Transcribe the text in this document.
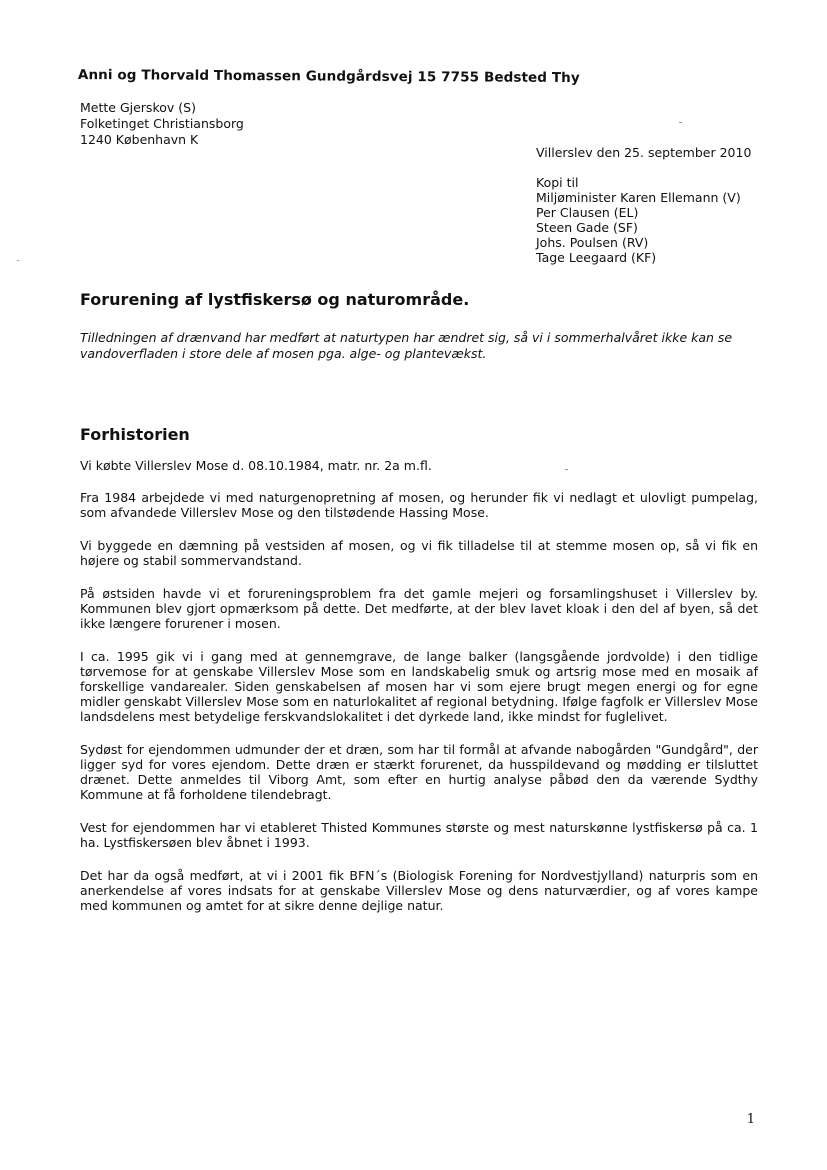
Anni og Thorvald Thomassen Gundgårdsvej 15 7755 Bedsted Thy
Mette Gjerskov (S)
Folketinget Christiansborg
1240 København K
Villerslev den 25. september 2010
Kopi til
Miljøminister Karen Ellemann (V)
Per Clausen (EL)
Steen Gade (SF)
Johs. Poulsen (RV)
Tage Leegaard (KF)
Forurening af lystfiskersø og naturområde.
Tilledningen af drænvand har medført at naturtypen har ændret sig, så vi i sommerhalvåret ikke kan se vandoverfladen i store dele af mosen pga. alge- og plantevækst.
Forhistorien

Vi købte Villerslev Mose d. 08.10.1984, matr. nr. 2a m.fl.

Fra 1984 arbejdede vi med naturgenopretning af mosen, og herunder fik vi nedlagt et ulovligt pumpelag, som afvandede Villerslev Mose og den tilstødende Hassing Mose.

Vi byggede en dæmning på vestsiden af mosen, og vi fik tilladelse til at stemme mosen op, så vi fik en højere og stabil sommervandstand.

På østsiden havde vi et forureningsproblem fra det gamle mejeri og forsamlingshuset i Villerslev by. Kommunen blev gjort opmærksom på dette. Det medførte, at der blev lavet kloak i den del af byen, så det ikke længere forurener i mosen.

I ca. 1995 gik vi i gang med at gennemgrave, de lange balker (langsgående jordvolde) i den tidlige tørvemose for at genskabe Villerslev Mose som en landskabelig smuk og artsrig mose med en mosaik af forskellige vandarealer. Siden genskabelsen af mosen har vi som ejere brugt megen energi og for egne midler genskabt Villerslev Mose som en naturlokalitet af regional betydning. Ifølge fagfolk er Villerslev Mose landsdelens mest betydelige ferskvandslokalitet i det dyrkede land, ikke mindst for fuglelivet.

Sydøst for ejendommen udmunder der et dræn, som har til formål at afvande nabogården "Gundgård", der ligger syd for vores ejendom. Dette dræn er stærkt forurenet, da husspildevand og mødding er tilsluttet drænet. Dette anmeldes til Viborg Amt, som efter en hurtig analyse påbød den da værende Sydthy Kommune at få forholdene tilendebragt.

Vest for ejendommen har vi etableret Thisted Kommunes største og mest naturskønne lystfiskersø på ca. 1 ha. Lystfiskersøen blev åbnet i 1993.

Det har da også medført, at vi i 2001 fik BFN´s (Biologisk Forening for Nordvestjylland) naturpris som en anerkendelse af vores indsats for at genskabe Villerslev Mose og dens naturværdier, og af vores kampe med kommunen og amtet for at sikre denne dejlige natur.

1
